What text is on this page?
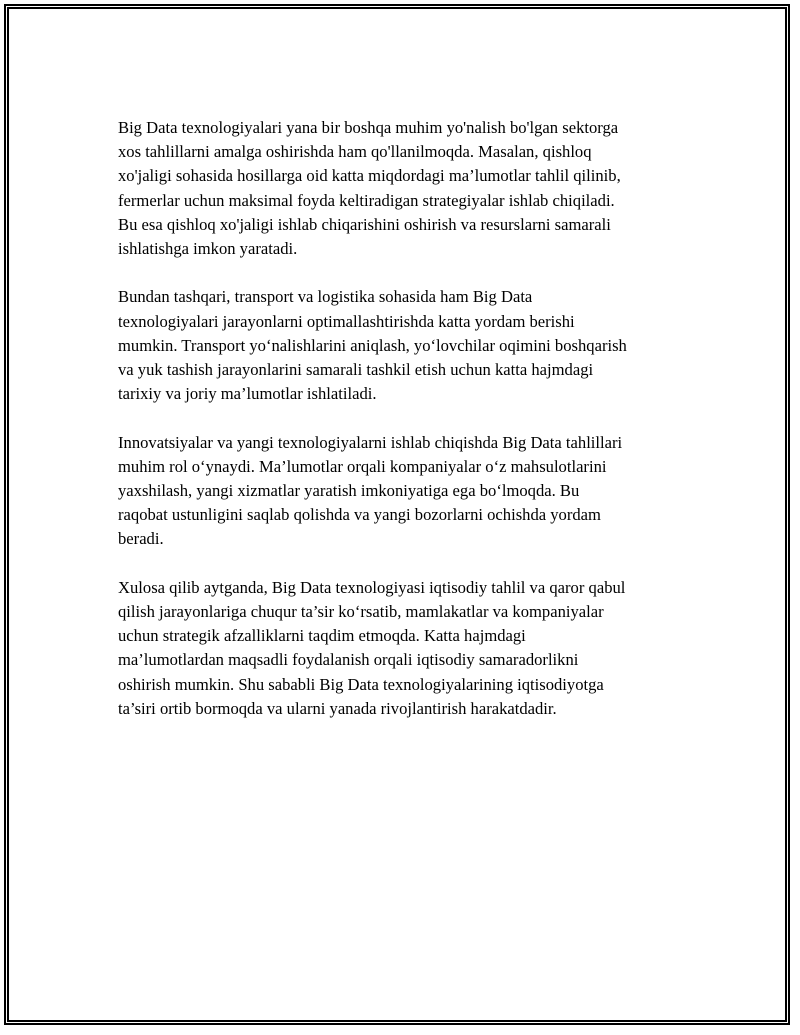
Big Data texnologiyalari yana bir boshqa muhim yo'nalish bo'lgan sektorga
xos tahlillarni amalga oshirishda ham qo'llanilmoqda. Masalan, qishloq
xo'jaligi sohasida hosillarga oid katta miqdordagi ma’lumotlar tahlil qilinib,
fermerlar uchun maksimal foyda keltiradigan strategiyalar ishlab chiqiladi.
Bu esa qishloq xo'jaligi ishlab chiqarishini oshirish va resurslarni samarali
ishlatishga imkon yaratadi.

Bundan tashqari, transport va logistika sohasida ham Big Data
texnologiyalari jarayonlarni optimallashtirishda katta yordam berishi
mumkin. Transport yo‘nalishlarini aniqlash, yo‘lovchilar oqimini boshqarish
va yuk tashish jarayonlarini samarali tashkil etish uchun katta hajmdagi
tarixiy va joriy ma’lumotlar ishlatiladi.

Innovatsiyalar va yangi texnologiyalarni ishlab chiqishda Big Data tahlillari
muhim rol o‘ynaydi. Ma’lumotlar orqali kompaniyalar o‘z mahsulotlarini
yaxshilash, yangi xizmatlar yaratish imkoniyatiga ega bo‘lmoqda. Bu
raqobat ustunligini saqlab qolishda va yangi bozorlarni ochishda yordam
beradi.

Xulosa qilib aytganda, Big Data texnologiyasi iqtisodiy tahlil va qaror qabul
qilish jarayonlariga chuqur ta’sir ko‘rsatib, mamlakatlar va kompaniyalar
uchun strategik afzalliklarni taqdim etmoqda. Katta hajmdagi
ma’lumotlardan maqsadli foydalanish orqali iqtisodiy samaradorlikni
oshirish mumkin. Shu sababli Big Data texnologiyalarining iqtisodiyotga
ta’siri ortib bormoqda va ularni yanada rivojlantirish harakatdadir.
